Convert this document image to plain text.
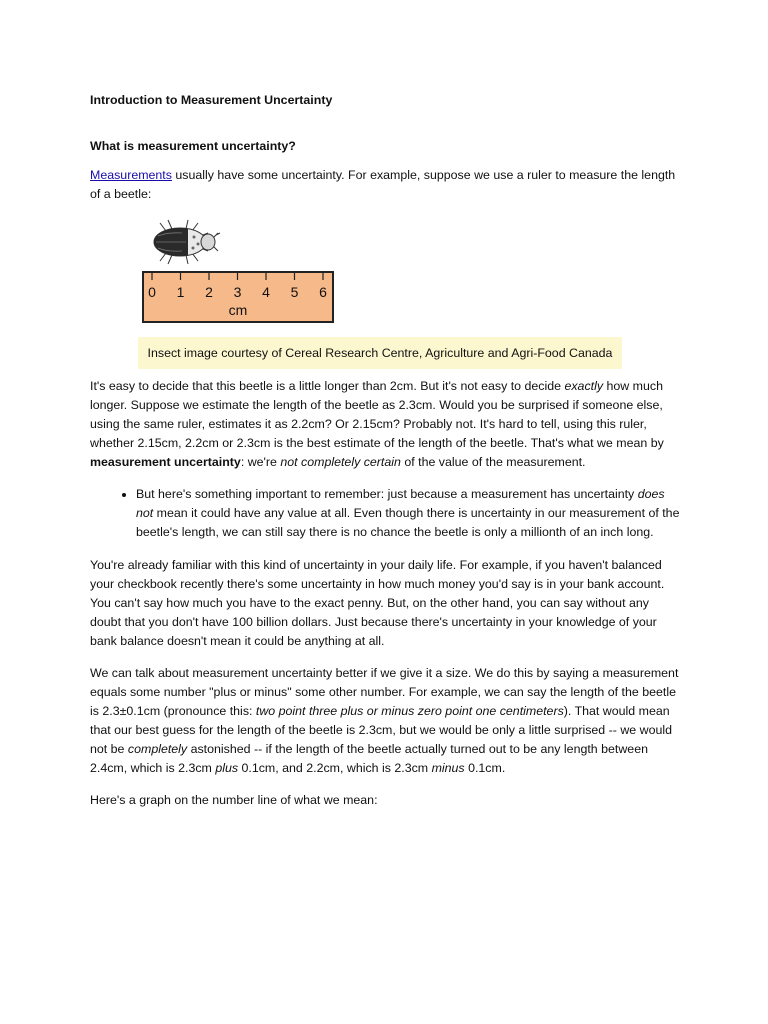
Introduction to Measurement Uncertainty
What is measurement uncertainty?

Measurements usually have some uncertainty. For example, suppose we use a ruler to measure the length of a beetle:

0 1 2 3 4 5 6
cm
Insect image courtesy of Cereal Research Centre, Agriculture and Agri-Food Canada

It's easy to decide that this beetle is a little longer than 2cm. But it's not easy to decide exactly how much longer. Suppose we estimate the length of the beetle as 2.3cm. Would you be surprised if someone else, using the same ruler, estimates it as 2.2cm? Or 2.15cm? Probably not. It's hard to tell, using this ruler, whether 2.15cm, 2.2cm or 2.3cm is the best estimate of the length of the beetle. That's what we mean by measurement uncertainty: we're not completely certain of the value of the measurement.

• But here's something important to remember: just because a measurement has uncertainty does not mean it could have any value at all. Even though there is uncertainty in our measurement of the beetle's length, we can still say there is no chance the beetle is only a millionth of an inch long.

You're already familiar with this kind of uncertainty in your daily life. For example, if you haven't balanced your checkbook recently there's some uncertainty in how much money you'd say is in your bank account. You can't say how much you have to the exact penny. But, on the other hand, you can say without any doubt that you don't have 100 billion dollars. Just because there's uncertainty in your knowledge of your bank balance doesn't mean it could be anything at all.

We can talk about measurement uncertainty better if we give it a size. We do this by saying a measurement equals some number "plus or minus" some other number. For example, we can say the length of the beetle is 2.3±0.1cm (pronounce this: two point three plus or minus zero point one centimeters). That would mean that our best guess for the length of the beetle is 2.3cm, but we would be only a little surprised -- we would not be completely astonished -- if the length of the beetle actually turned out to be any length between 2.4cm, which is 2.3cm plus 0.1cm, and 2.2cm, which is 2.3cm minus 0.1cm.

Here's a graph on the number line of what we mean:
